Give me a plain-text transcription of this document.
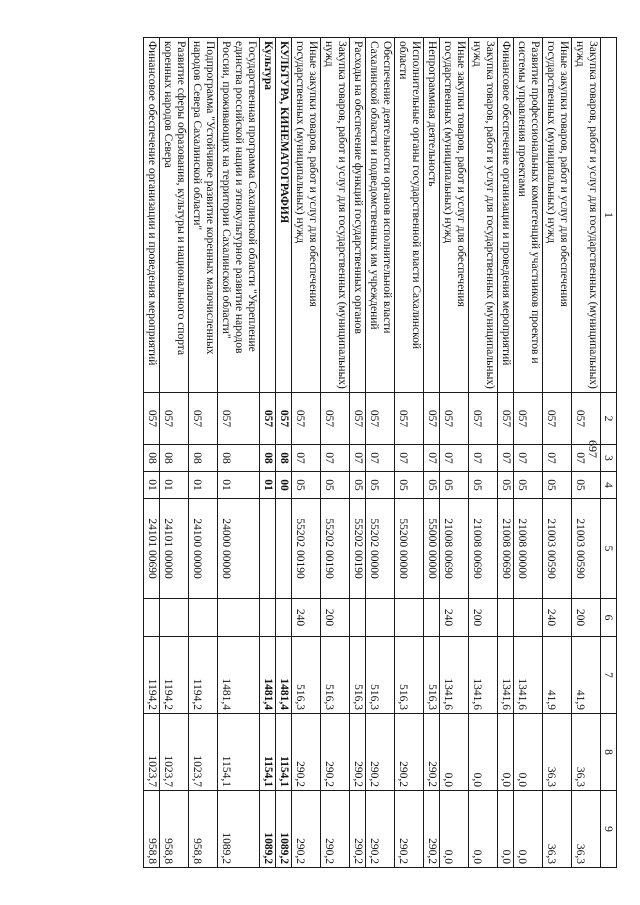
697
1	2	3	4	5	6	7	8	9
Закупка товаров, работ и услуг для государственных (муниципальных) нужд	057	07	05	21003 00590	200	41,9	36,3	36,3
Иные закупки товаров, работ и услуг для обеспечения государственных (муниципальных) нужд	057	07	05	21003 00590	240	41,9	36,3	36,3
Развитие профессиональных компетенций участников проектов и системы управления проектами	057	07	05	21008 00000		1341,6	0,0	0,0
Финансовое обеспечение организации и проведения мероприятий	057	07	05	21008 00690		1341,6	0,0	0,0
Закупка товаров, работ и услуг для государственных (муниципальных) нужд	057	07	05	21008 00690	200	1341,6	0,0	0,0
Иные закупки товаров, работ и услуг для обеспечения государственных (муниципальных) нужд	057	07	05	21008 00690	240	1341,6	0,0	0,0
Непрограммная деятельность	057	07	05	55000 00000		516,3	290,2	290,2
Исполнительные органы государственной власти Сахалинской области	057	07	05	55200 00000		516,3	290,2	290,2
Обеспечение деятельности органов исполнительной власти Сахалинской области и подведомственных им учреждений	057	07	05	55202 00000		516,3	290,2	290,2
Расходы на обеспечение функций государственных органов	057	07	05	55202 00190		516,3	290,2	290,2
Закупка товаров, работ и услуг для государственных (муниципальных) нужд	057	07	05	55202 00190	200	516,3	290,2	290,2
Иные закупки товаров, работ и услуг для обеспечения государственных (муниципальных) нужд	057	07	05	55202 00190	240	516,3	290,2	290,2
КУЛЬТУРА, КИНЕМАТОГРАФИЯ	057	08	00			1481,4	1154,1	1089,2
Культура	057	08	01			1481,4	1154,1	1089,2
Государственная программа Сахалинской области "Укрепление единства российской нации и этнокультурное развитие народов России, проживающих на территории Сахалинской области"	057	08	01	24000 00000		1481,4	1154,1	1089,2
Подпрограмма "Устойчивое развитие коренных малочисленных народов Севера Сахалинской области"	057	08	01	24100 00000		1194,2	1023,7	958,8
Развитие сферы образования, культуры и национального спорта коренных народов Севера	057	08	01	24101 00000		1194,2	1023,7	958,8
Финансовое обеспечение организации и проведения мероприятий	057	08	01	24101 00690		1194,2	1023,7	958,8
